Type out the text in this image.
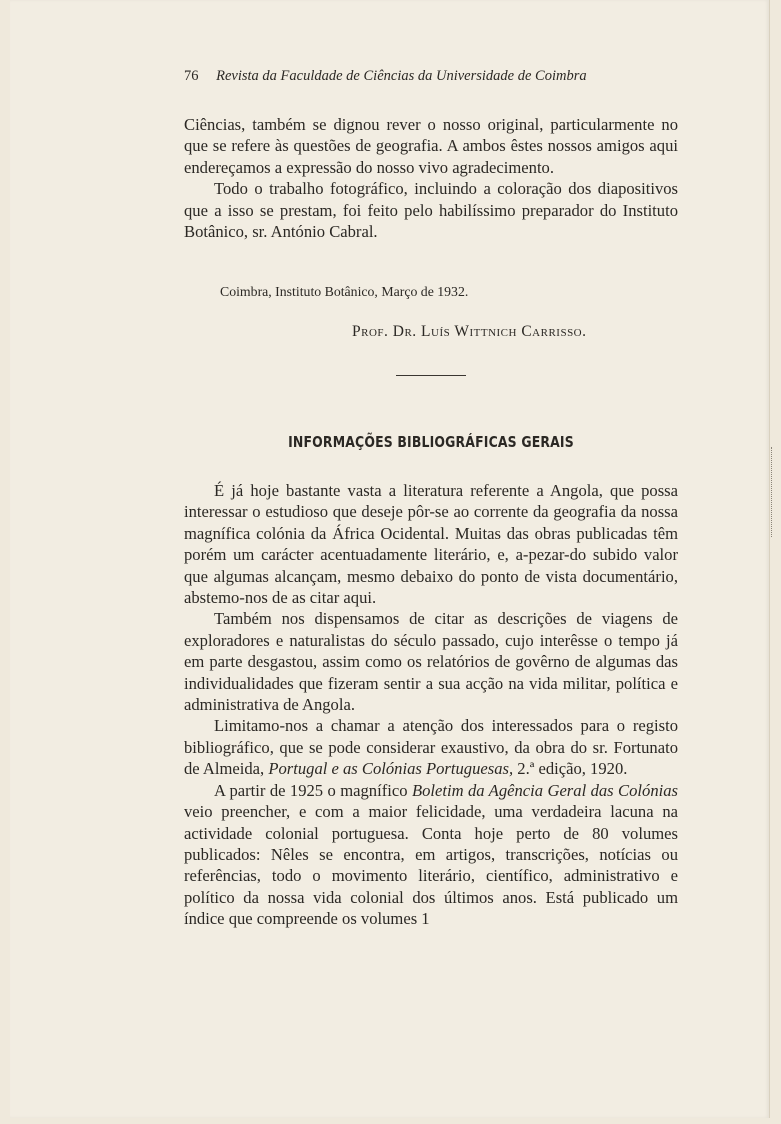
76 Revista da Faculdade de Ciências da Universidade de Coimbra

Ciências, também se dignou rever o nosso original, particularmente no que se refere às questões de geografia. A ambos êstes nossos amigos aqui endereçamos a expressão do nosso vivo agradecimento.

Todo o trabalho fotográfico, incluindo a coloração dos diapositivos que a isso se prestam, foi feito pelo habilíssimo preparador do Instituto Botânico, sr. António Cabral.

Coimbra, Instituto Botânico, Março de 1932.
Prof. Dr. Luís Wittnich Carrisso.
INFORMAÇÕES BIBLIOGRÁFICAS GERAIS

É já hoje bastante vasta a literatura referente a Angola, que possa interessar o estudioso que deseje pôr-se ao corrente da geografia da nossa magnífica colónia da África Ocidental. Muitas das obras publicadas têm porém um carácter acentuadamente literário, e, a-pezar-do subido valor que algumas alcançam, mesmo debaixo do ponto de vista documentário, abstemo-nos de as citar aqui.

Também nos dispensamos de citar as descrições de viagens de exploradores e naturalistas do século passado, cujo interêsse o tempo já em parte desgastou, assim como os relatórios de govêrno de algumas das individualidades que fizeram sentir a sua acção na vida militar, política e administrativa de Angola.

Limitamo-nos a chamar a atenção dos interessados para o registo bibliográfico, que se pode considerar exaustivo, da obra do sr. Fortunato de Almeida, Portugal e as Colónias Portuguesas, 2.ª edição, 1920.

A partir de 1925 o magnífico Boletim da Agência Geral das Colónias veio preencher, e com a maior felicidade, uma verdadeira lacuna na actividade colonial portuguesa. Conta hoje perto de 80 volumes publicados: Nêles se encontra, em artigos, transcrições, notícias ou referências, todo o movimento literário, científico, administrativo e político da nossa vida colonial dos últimos anos. Está publicado um índice que compreende os volumes 1
